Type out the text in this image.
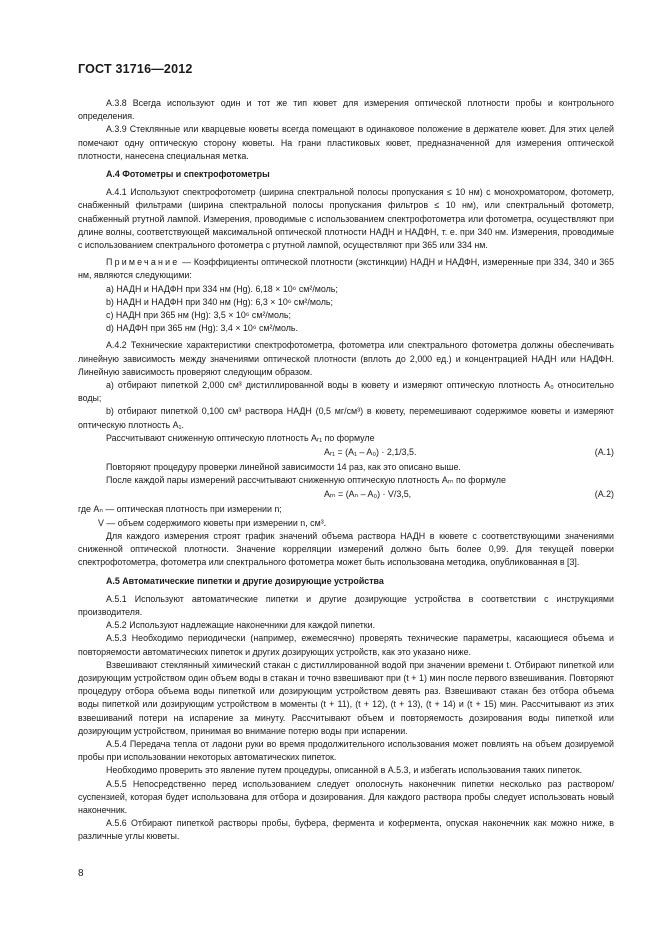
ГОСТ 31716—2012

А.3.8 Всегда используют один и тот же тип кювет для измерения оптической плотности пробы и контрольного определения.

А.3.9 Стеклянные или кварцевые кюветы всегда помещают в одинаковое положение в держателе кювет. Для этих целей помечают одну оптическую сторону кюветы. На грани пластиковых кювет, предназначенной для измерения оптической плотности, нанесена специальная метка.

А.4 Фотометры и спектрофотометры

А.4.1 Используют спектрофотометр (ширина спектральной полосы пропускания ≤ 10 нм) с монохроматором, фотометр, снабженный фильтрами (ширина спектральной полосы пропускания фильтров ≤ 10 нм), или спектральный фотометр, снабженный ртутной лампой. Измерения, проводимые с использованием спектрофотометра или фотометра, осуществляют при длине волны, соответствующей максимальной оптической плотности НАДН и НАДФН, т. е. при 340 нм. Измерения, проводимые с использованием спектрального фотометра с ртутной лампой, осуществляют при 365 или 334 нм.

Примечание — Коэффициенты оптической плотности (экстинкции) НАДН и НАДФН, измеренные при 334, 340 и 365 нм, являются следующими:

a) НАДН и НАДФН при 334 нм (Hg). 6,18 × 10⁶ см²/моль;

b) НАДН и НАДФН при 340 нм (Hg): 6,3 × 10⁶ см²/моль;

c) НАДН при 365 нм (Hg): 3,5 × 10⁶ см²/моль;

d) НАДФН при 365 нм (Hg): 3,4 × 10⁶ см²/моль.

А.4.2 Технические характеристики спектрофотометра, фотометра или спектрального фотометра должны обеспечивать линейную зависимость между значениями оптической плотности (вплоть до 2,000 ед.) и концентрацией НАДН или НАДФН. Линейную зависимость проверяют следующим образом.

а) отбирают пипеткой 2,000 см³ дистиллированной воды в кювету и измеряют оптическую плотность A₀ относительно воды;

b) отбирают пипеткой 0,100 см³ раствора НАДН (0,5 мг/см³) в кювету, перемешивают содержимое кюветы и измеряют оптическую плотность A₁.

Рассчитывают сниженную оптическую плотность Aᵣ₁ по формуле

Aᵣ₁ = (A₁ – A₀) · 2,1/3,5.	(А.1)

Повторяют процедуру проверки линейной зависимости 14 раз, как это описано выше.

После каждой пары измерений рассчитывают сниженную оптическую плотность Aᵣₙ по формуле

Aᵣₙ = (Aₙ – A₀) · V/3,5,	(А.2)

где Aₙ — оптическая плотность при измерении n;

V — объем содержимого кюветы при измерении n, см³.

Для каждого измерения строят график значений объема раствора НАДН в кювете с соответствующими значениями сниженной оптической плотности. Значение корреляции измерений должно быть более 0,99. Для текущей поверки спектрофотометра, фотометра или спектрального фотометра может быть использована методика, опубликованная в [3].

А.5 Автоматические пипетки и другие дозирующие устройства

А.5.1 Используют автоматические пипетки и другие дозирующие устройства в соответствии с инструкциями производителя.

А.5.2 Используют надлежащие наконечники для каждой пипетки.

А.5.3 Необходимо периодически (например, ежемесячно) проверять технические параметры, касающиеся объема и повторяемости автоматических пипеток и других дозирующих устройств, как это указано ниже.

Взвешивают стеклянный химический стакан с дистиллированной водой при значении времени t. Отбирают пипеткой или дозирующим устройством один объем воды в стакан и точно взвешивают при (t + 1) мин после первого взвешивания. Повторяют процедуру отбора объема воды пипеткой или дозирующим устройством девять раз. Взвешивают стакан без отбора объема воды пипеткой или дозирующим устройством в моменты (t + 11), (t + 12), (t + 13), (t + 14) и (t + 15) мин. Рассчитывают из этих взвешиваний потери на испарение за минуту. Рассчитывают объем и повторяемость дозирования воды пипеткой или дозирующим устройством, принимая во внимание потерю воды при испарении.

А.5.4 Передача тепла от ладони руки во время продолжительного использования может повлиять на объем дозируемой пробы при использовании некоторых автоматических пипеток.

Необходимо проверить это явление путем процедуры, описанной в А.5.3, и избегать использования таких пипеток.

А.5.5 Непосредственно перед использованием следует ополоснуть наконечник пипетки несколько раз раствором/суспензией, которая будет использована для отбора и дозирования. Для каждого раствора пробы следует использовать новый наконечник.

А.5.6 Отбирают пипеткой растворы пробы, буфера, фермента и кофермента, опуская наконечник как можно ниже, в различные углы кюветы.

8
